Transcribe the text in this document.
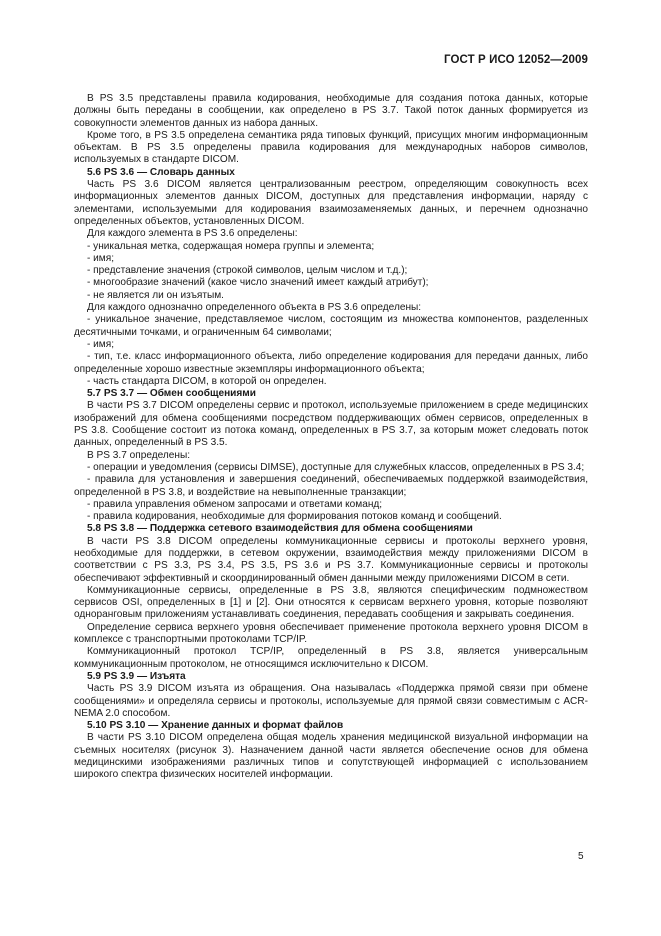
ГОСТ Р ИСО 12052—2009

В PS 3.5 представлены правила кодирования, необходимые для создания потока данных, которые должны быть переданы в сообщении, как определено в PS 3.7. Такой поток данных формируется из совокупности элементов данных из набора данных.

Кроме того, в PS 3.5 определена семантика ряда типовых функций, присущих многим информационным объектам. В PS 3.5 определены правила кодирования для международных наборов символов, используемых в стандарте DICOM.

5.6 PS 3.6 — Словарь данных

Часть PS 3.6 DICOM является централизованным реестром, определяющим совокупность всех информационных элементов данных DICOM, доступных для представления информации, наряду с элементами, используемыми для кодирования взаимозаменяемых данных, и перечнем однозначно определенных объектов, установленных DICOM.

Для каждого элемента в PS 3.6 определены:

- уникальная метка, содержащая номера группы и элемента;

- имя;

- представление значения (строкой символов, целым числом и т.д.);

- многообразие значений (какое число значений имеет каждый атрибут);

- не является ли он изъятым.

Для каждого однозначно определенного объекта в PS 3.6 определены:

- уникальное значение, представляемое числом, состоящим из множества компонентов, разделенных десятичными точками, и ограниченным 64 символами;

- имя;

- тип, т.е. класс информационного объекта, либо определение кодирования для передачи данных, либо определенные хорошо известные экземпляры информационного объекта;

- часть стандарта DICOM, в которой он определен.

5.7 PS 3.7 — Обмен сообщениями

В части PS 3.7 DICOM определены сервис и протокол, используемые приложением в среде медицинских изображений для обмена сообщениями посредством поддерживающих обмен сервисов, определенных в PS 3.8. Сообщение состоит из потока команд, определенных в PS 3.7, за которым может следовать поток данных, определенный в PS 3.5.

В PS 3.7 определены:

- операции и уведомления (сервисы DIMSE), доступные для служебных классов, определенных в PS 3.4;

- правила для установления и завершения соединений, обеспечиваемых поддержкой взаимодействия, определенной в PS 3.8, и воздействие на невыполненные транзакции;

- правила управления обменом запросами и ответами команд;

- правила кодирования, необходимые для формирования потоков команд и сообщений.

5.8 PS 3.8 — Поддержка сетевого взаимодействия для обмена сообщениями

В части PS 3.8 DICOM определены коммуникационные сервисы и протоколы верхнего уровня, необходимые для поддержки, в сетевом окружении, взаимодействия между приложениями DICOM в соответствии с PS 3.3, PS 3.4, PS 3.5, PS 3.6 и PS 3.7. Коммуникационные сервисы и протоколы обеспечивают эффективный и скоординированный обмен данными между приложениями DICOM в сети.

Коммуникационные сервисы, определенные в PS 3.8, являются специфическим подмножеством сервисов OSI, определенных в [1] и [2]. Они относятся к сервисам верхнего уровня, которые позволяют одноранговым приложениям устанавливать соединения, передавать сообщения и закрывать соединения.

Определение сервиса верхнего уровня обеспечивает применение протокола верхнего уровня DICOM в комплексе с транспортными протоколами TCP/IP.

Коммуникационный протокол TCP/IP, определенный в PS 3.8, является универсальным коммуникационным протоколом, не относящимся исключительно к DICOM.

5.9 PS 3.9 — Изъята

Часть PS 3.9 DICOM изъята из обращения. Она называлась «Поддержка прямой связи при обмене сообщениями» и определяла сервисы и протоколы, используемые для прямой связи совместимым с ACR-NEMA 2.0 способом.

5.10 PS 3.10 — Хранение данных и формат файлов

В части PS 3.10 DICOM определена общая модель хранения медицинской визуальной информации на съемных носителях (рисунок 3). Назначением данной части является обеспечение основ для обмена медицинскими изображениями различных типов и сопутствующей информацией с использованием широкого спектра физических носителей информации.

5
